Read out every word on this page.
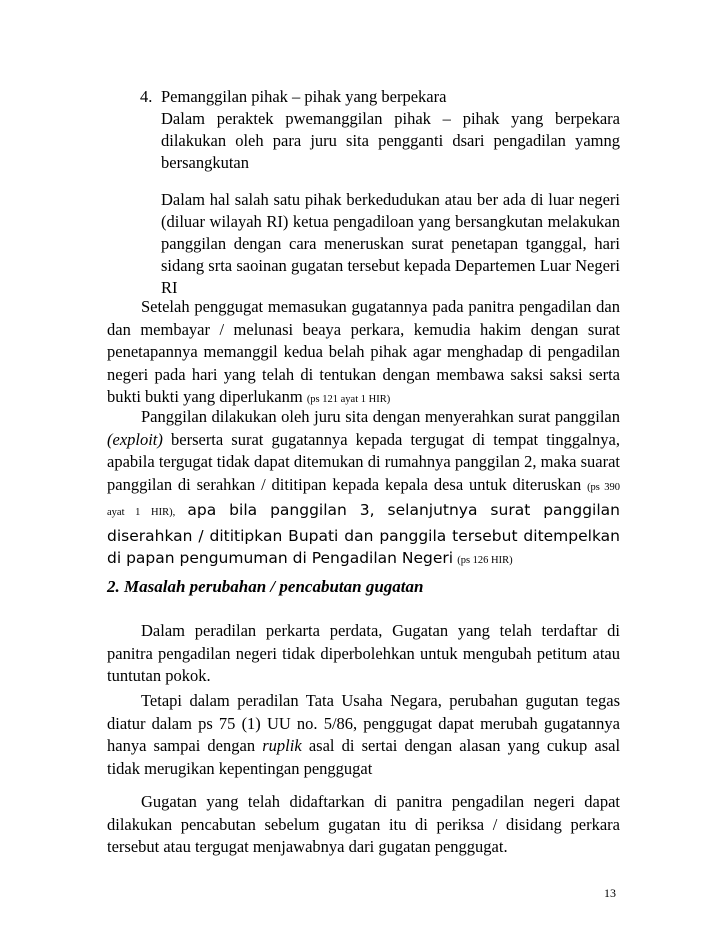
4. Pemanggilan pihak – pihak yang berpekara

Dalam peraktek pwemanggilan pihak – pihak yang berpekara dilakukan oleh para juru sita pengganti dsari pengadilan yamng bersangkutan

Dalam hal salah satu pihak berkedudukan atau ber ada di luar negeri (diluar wilayah RI) ketua pengadiloan yang bersangkutan melakukan panggilan dengan cara meneruskan surat penetapan tganggal, hari sidang srta saoinan gugatan tersebut kepada Departemen Luar Negeri RI

Setelah penggugat memasukan gugatannya pada panitra pengadilan dan dan membayar / melunasi beaya perkara, kemudia hakim dengan surat penetapannya memanggil kedua belah pihak agar menghadap di pengadilan negeri pada hari yang telah di tentukan dengan membawa saksi saksi serta bukti bukti yang diperlukanm (ps 121 ayat 1 HIR)

Panggilan dilakukan oleh juru sita dengan menyerahkan surat panggilan (exploit) berserta surat gugatannya kepada tergugat di tempat tinggalnya, apabila tergugat tidak dapat ditemukan di rumahnya panggilan 2, maka suarat panggilan di serahkan / dititipan kepada kepala desa untuk diteruskan (ps 390 ayat 1 HIR), apa bila panggilan 3, selanjutnya surat panggilan diserahkan / dititipkan Bupati dan panggila tersebut ditempelkan di papan pengumuman di Pengadilan Negeri (ps 126 HIR)

2. Masalah perubahan / pencabutan gugatan

Dalam peradilan perkarta perdata, Gugatan yang telah terdaftar di panitra pengadilan negeri tidak diperbolehkan untuk mengubah petitum atau tuntutan pokok.

Tetapi dalam peradilan Tata Usaha Negara, perubahan gugutan tegas diatur dalam ps 75 (1) UU no. 5/86, penggugat dapat merubah gugatannya hanya sampai dengan ruplik asal di sertai dengan alasan yang cukup asal tidak merugikan kepentingan penggugat

Gugatan yang telah didaftarkan di panitra pengadilan negeri dapat dilakukan pencabutan sebelum gugatan itu di periksa / disidang perkara tersebut atau tergugat menjawabnya dari gugatan penggugat.

13
